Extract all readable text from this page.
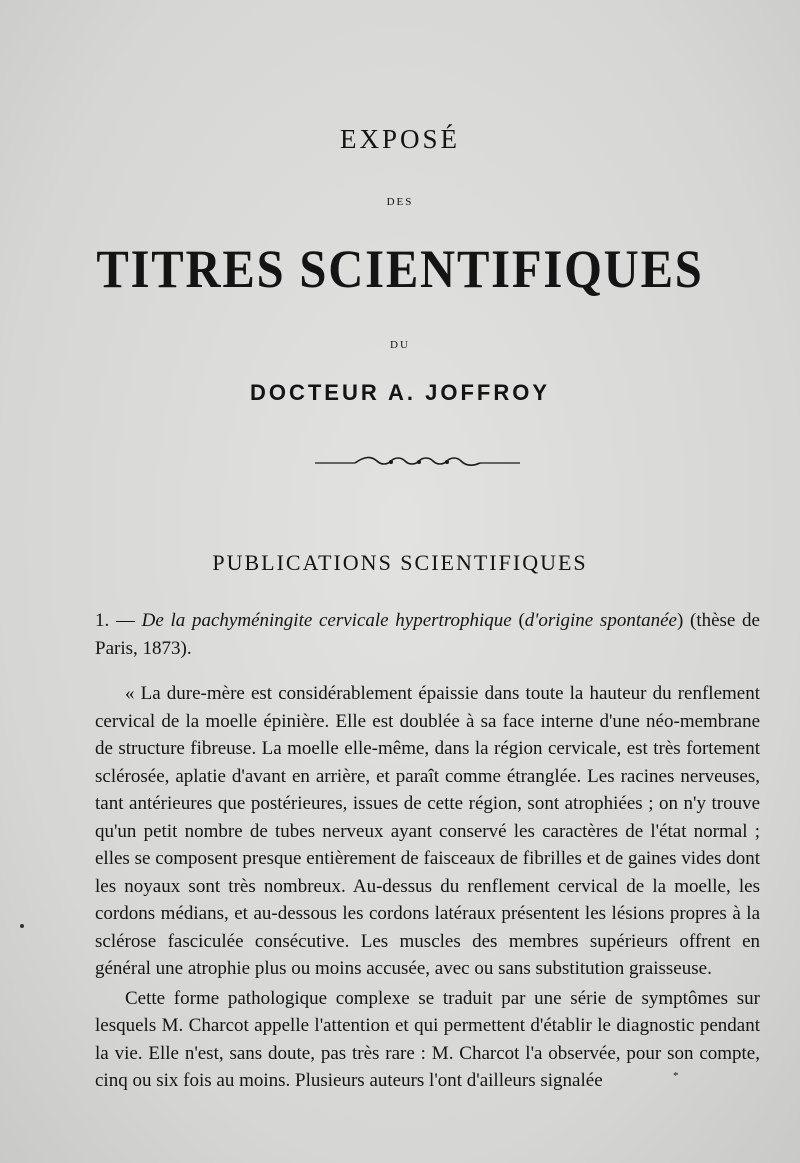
EXPOSÉ
DES
TITRES SCIENTIFIQUES
DU
DOCTEUR A. JOFFROY
PUBLICATIONS SCIENTIFIQUES
1. — De la pachyméningite cervicale hypertrophique (d'origine spontanée) (thèse de Paris, 1873).

« La dure-mère est considérablement épaissie dans toute la hauteur du renflement cervical de la moelle épinière. Elle est doublée à sa face interne d'une néo-membrane de structure fibreuse. La moelle elle-même, dans la région cervicale, est très fortement sclérosée, aplatie d'avant en arrière, et paraît comme étranglée. Les racines nerveuses, tant antérieures que postérieures, issues de cette région, sont atrophiées ; on n'y trouve qu'un petit nombre de tubes nerveux ayant conservé les caractères de l'état normal ; elles se composent presque entièrement de faisceaux de fibrilles et de gaines vides dont les noyaux sont très nombreux. Au-dessus du renflement cervical de la moelle, les cordons médians, et au-dessous les cordons latéraux présentent les lésions propres à la sclérose fasciculée consécutive. Les muscles des membres supérieurs offrent en général une atrophie plus ou moins accusée, avec ou sans substitution graisseuse.

Cette forme pathologique complexe se traduit par une série de symptômes sur lesquels M. Charcot appelle l'attention et qui permettent d'établir le diagnostic pendant la vie. Elle n'est, sans doute, pas très rare : M. Charcot l'a observée, pour son compte, cinq ou six fois au moins. Plusieurs auteurs l'ont d'ailleurs signalée	*
